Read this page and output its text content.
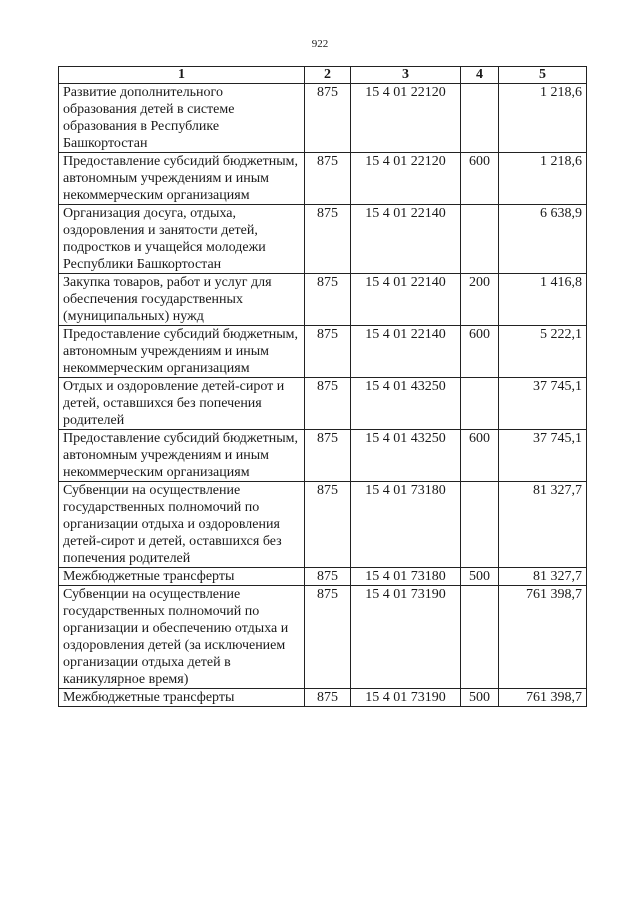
922
1	2	3	4	5
Развитие дополнительного образования детей в системе образования в Республике Башкортостан	875	15 4 01 22120		1 218,6
Предоставление субсидий бюджетным, автономным учреждениям и иным некоммерческим организациям	875	15 4 01 22120	600	1 218,6
Организация досуга, отдыха, оздоровления и занятости детей, подростков и учащейся молодежи Республики Башкортостан	875	15 4 01 22140		6 638,9
Закупка товаров, работ и услуг для обеспечения государственных (муниципальных) нужд	875	15 4 01 22140	200	1 416,8
Предоставление субсидий бюджетным, автономным учреждениям и иным некоммерческим организациям	875	15 4 01 22140	600	5 222,1
Отдых и оздоровление детей-сирот и детей, оставшихся без попечения родителей	875	15 4 01 43250		37 745,1
Предоставление субсидий бюджетным, автономным учреждениям и иным некоммерческим организациям	875	15 4 01 43250	600	37 745,1
Субвенции на осуществление государственных полномочий по организации отдыха и оздоровления детей-сирот и детей, оставшихся без попечения родителей	875	15 4 01 73180		81 327,7
Межбюджетные трансферты	875	15 4 01 73180	500	81 327,7
Субвенции на осуществление государственных полномочий по организации и обеспечению отдыха и оздоровления детей (за исключением организации отдыха детей в каникулярное время)	875	15 4 01 73190		761 398,7
Межбюджетные трансферты	875	15 4 01 73190	500	761 398,7
